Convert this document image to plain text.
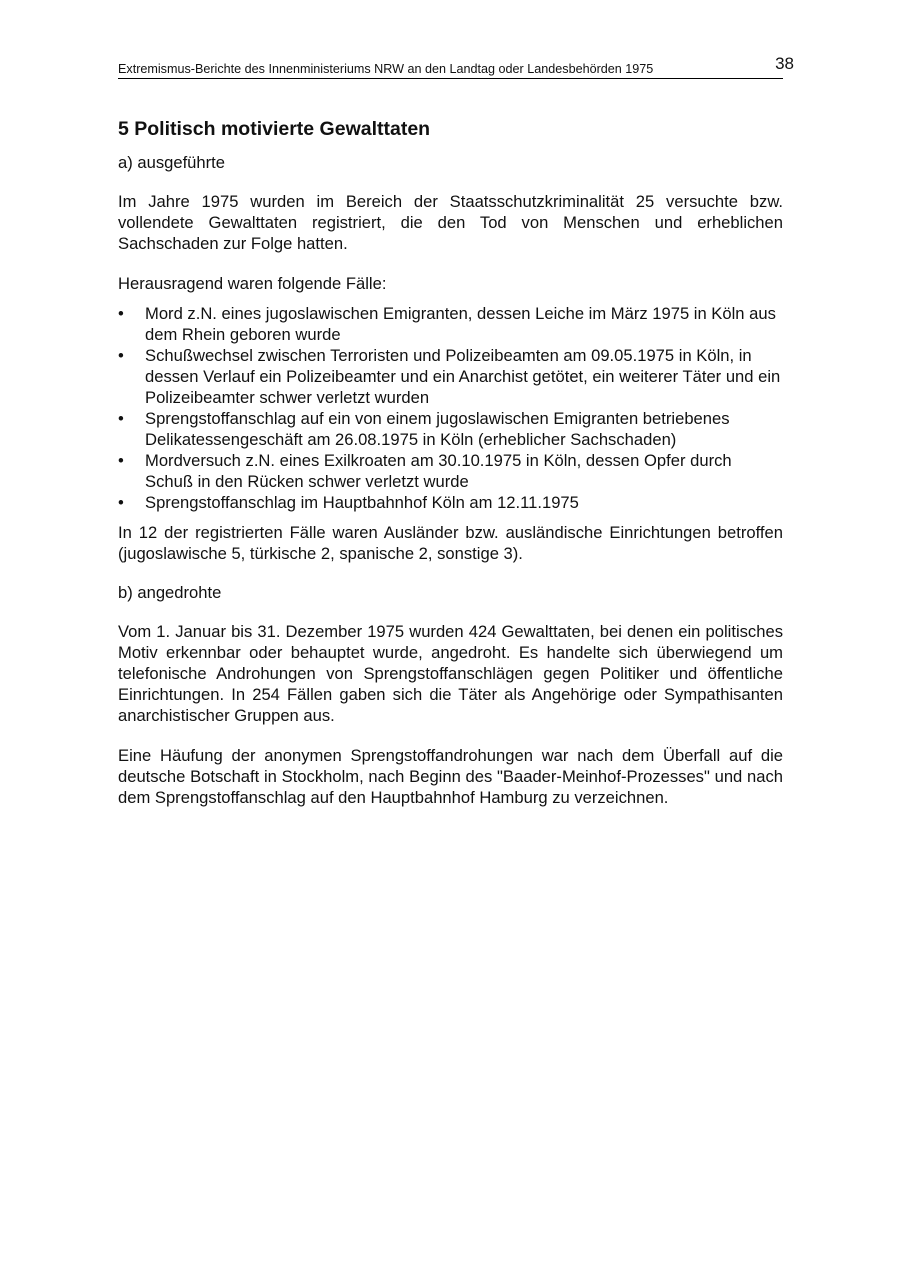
Extremismus-Berichte des Innenministeriums NRW an den Landtag oder Landesbehörden 1975	38
5 Politisch motivierte Gewalttaten

a) ausgeführte

Im Jahre 1975 wurden im Bereich der Staatsschutzkriminalität 25 versuchte bzw. vollendete Gewalttaten registriert, die den Tod von Menschen und erheblichen Sachschaden zur Folge hatten.

Herausragend waren folgende Fälle:

•	Mord z.N. eines jugoslawischen Emigranten, dessen Leiche im März 1975 in Köln aus dem Rhein geboren wurde
•	Schußwechsel zwischen Terroristen und Polizeibeamten am 09.05.1975 in Köln, in dessen Verlauf ein Polizeibeamter und ein Anarchist getötet, ein weiterer Täter und ein Polizeibeamter schwer verletzt wurden
•	Sprengstoffanschlag auf ein von einem jugoslawischen Emigranten betriebenes Delikatessengeschäft am 26.08.1975 in Köln (erheblicher Sachschaden)
•	Mordversuch z.N. eines Exilkroaten am 30.10.1975 in Köln, dessen Opfer durch Schuß in den Rücken schwer verletzt wurde
•	Sprengstoffanschlag im Hauptbahnhof Köln am 12.11.1975

In 12 der registrierten Fälle waren Ausländer bzw. ausländische Einrichtungen betroffen (jugoslawische 5, türkische 2, spanische 2, sonstige 3).

b) angedrohte

Vom 1. Januar bis 31. Dezember 1975 wurden 424 Gewalttaten, bei denen ein politisches Motiv erkennbar oder behauptet wurde, angedroht. Es handelte sich überwiegend um telefonische Androhungen von Sprengstoffanschlägen gegen Politiker und öffentliche Einrichtungen. In 254 Fällen gaben sich die Täter als Angehörige oder Sympathisanten anarchistischer Gruppen aus.

Eine Häufung der anonymen Sprengstoffandrohungen war nach dem Überfall auf die deutsche Botschaft in Stockholm, nach Beginn des "Baader-Meinhof-Prozesses" und nach dem Sprengstoffanschlag auf den Hauptbahnhof Hamburg zu verzeichnen.
